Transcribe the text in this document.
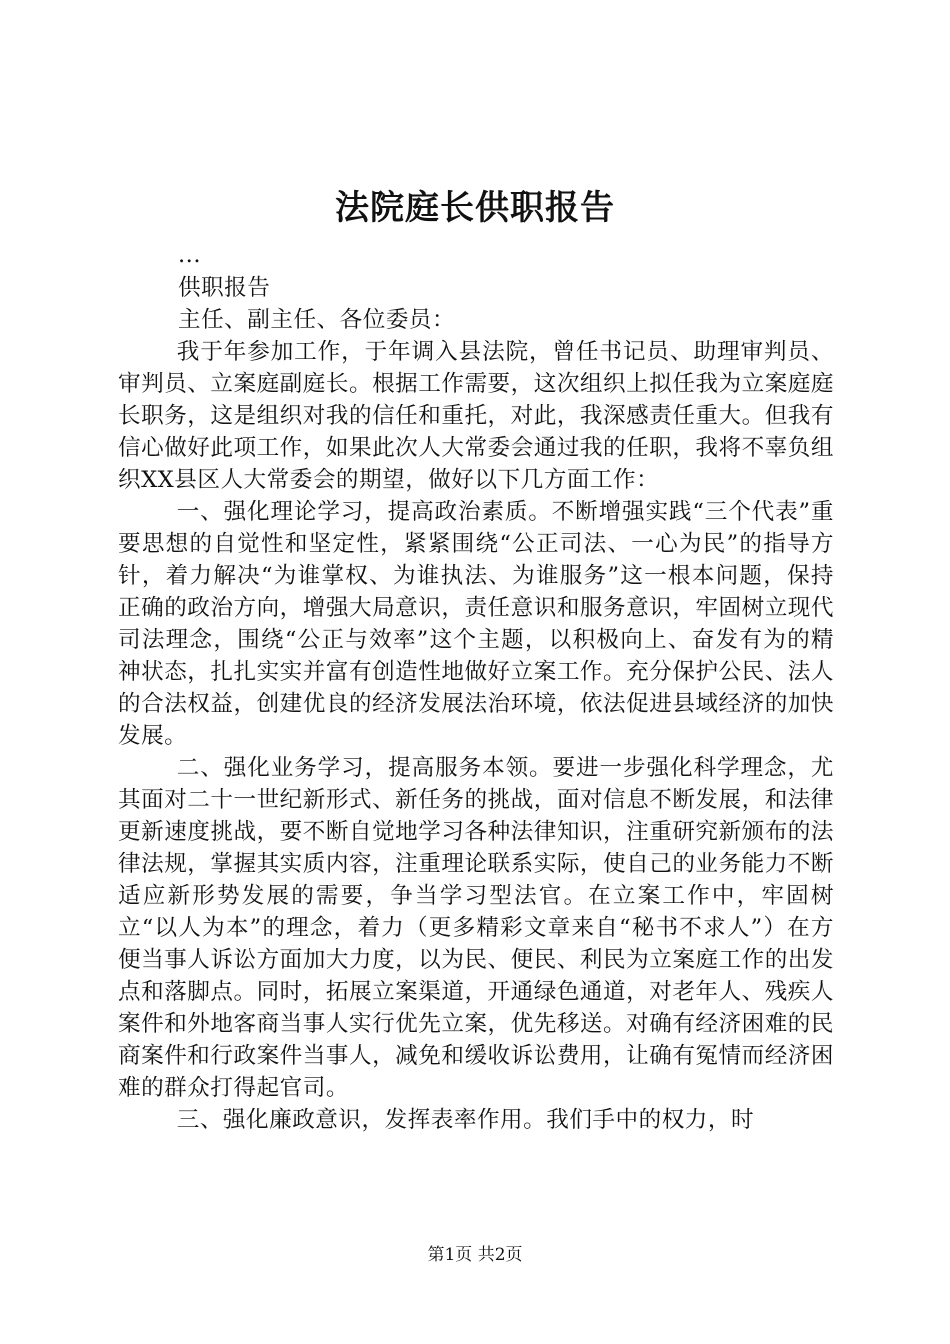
法院庭长供职报告

...

供职报告

主任、副主任、各位委员：

我于年参加工作，于年调入县法院，曾任书记员、助理审判员、审判员、立案庭副庭长。根据工作需要，这次组织上拟任我为立案庭庭长职务，这是组织对我的信任和重托，对此，我深感责任重大。但我有信心做好此项工作，如果此次人大常委会通过我的任职，我将不辜负组织XX县区人大常委会的期望，做好以下几方面工作：

一、强化理论学习，提高政治素质。不断增强实践“三个代表”重要思想的自觉性和坚定性，紧紧围绕“公正司法、一心为民”的指导方针，着力解决“为谁掌权、为谁执法、为谁服务”这一根本问题，保持正确的政治方向，增强大局意识，责任意识和服务意识，牢固树立现代司法理念，围绕“公正与效率”这个主题，以积极向上、奋发有为的精神状态，扎扎实实并富有创造性地做好立案工作。充分保护公民、法人的合法权益，创建优良的经济发展法治环境，依法促进县域经济的加快发展。

二、强化业务学习，提高服务本领。要进一步强化科学理念，尤其面对二十一世纪新形式、新任务的挑战，面对信息不断发展，和法律更新速度挑战，要不断自觉地学习各种法律知识，注重研究新颁布的法律法规，掌握其实质内容，注重理论联系实际，使自己的业务能力不断适应新形势发展的需要，争当学习型法官。在立案工作中，牢固树立“以人为本”的理念，着力（更多精彩文章来自“秘书不求人”）在方便当事人诉讼方面加大力度，以为民、便民、利民为立案庭工作的出发点和落脚点。同时，拓展立案渠道，开通绿色通道，对老年人、残疾人案件和外地客商当事人实行优先立案，优先移送。对确有经济困难的民商案件和行政案件当事人，减免和缓收诉讼费用，让确有冤情而经济困难的群众打得起官司。

三、强化廉政意识，发挥表率作用。我们手中的权力，时

第1页 共2页
